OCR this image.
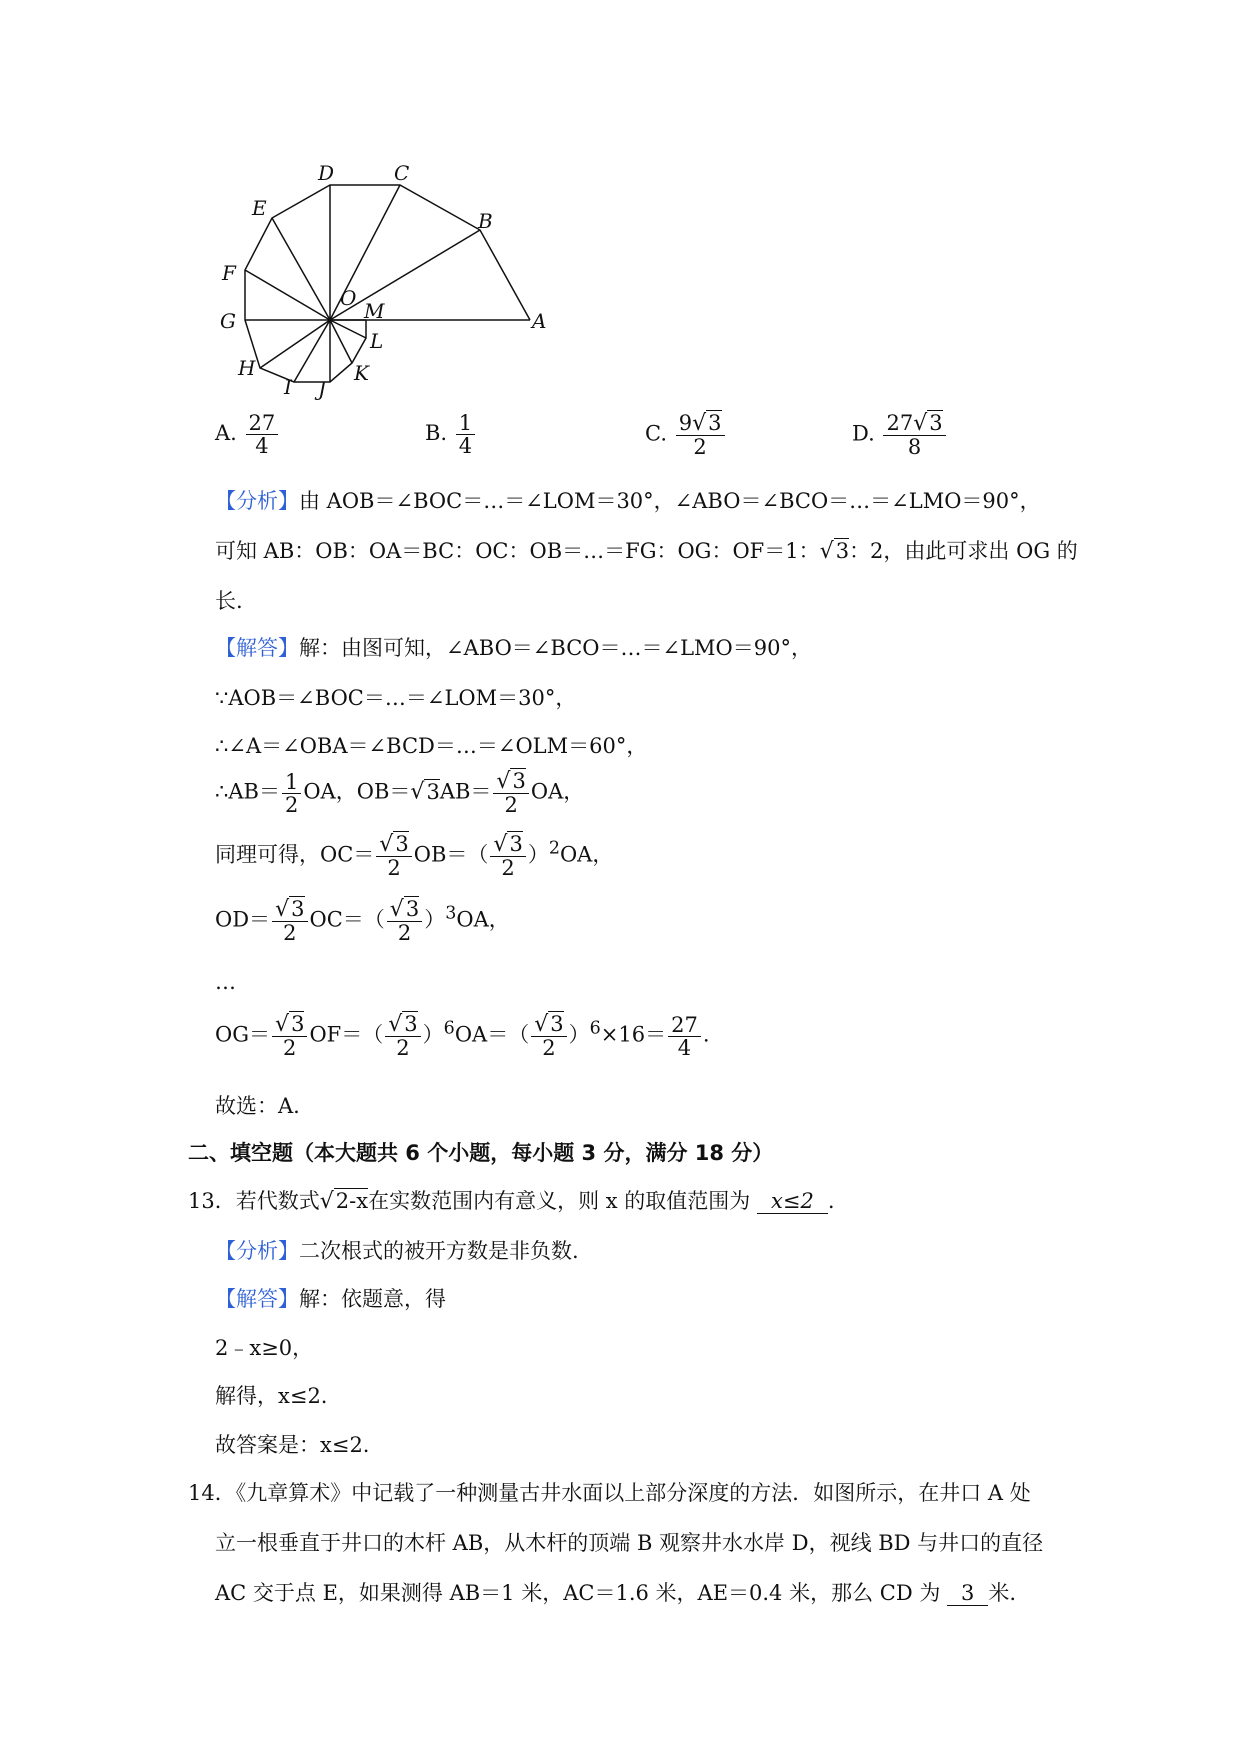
D	C
E
B
F
O
M
G	A
L
H	K
I J
A. $\frac{27}{4}$	B. $\frac{1}{4}$	C. $\frac{9√3}{2}$	D. $\frac{27√3}{8}$
【分析】由 AOB＝∠BOC＝…＝∠LOM＝30°，∠ABO＝∠BCO＝…＝∠LMO＝90°，
可知 AB：OB：OA＝BC：OC：OB＝…＝FG：OG：OF＝1：√3：2，由此可求出 OG 的
长.
【解答】解：由图可知，∠ABO＝∠BCO＝…＝∠LMO＝90°，
∵AOB＝∠BOC＝…＝∠LOM＝30°，
∴∠A＝∠OBA＝∠BCD＝…＝∠OLM＝60°，
∴AB＝ $\frac{1}{2}$ OA，$OB=√3AB= \frac{√3}{2}$ OA，
同理可得，$OC= \frac{√3}{2} OB=( \frac{√3}{2} )^2OA$，
$OD= \frac{√3}{2} OC=( \frac{√3}{2} )^3OA$，
…
$OG= \frac{√3}{2} OF=( \frac{√3}{2} )^6OA=( \frac{√3}{2} )^6\times 16= \frac{27}{4}$ .
故选：A.
二、填空题（本大题共 6 个小题，每小题 3 分，满分 18 分）
13．若代数式√2-x在实数范围内有意义，则 x 的取值范围为 x≤2 .
【分析】二次根式的被开方数是非负数.
【解答】解：依题意，得
2﹣x≥0，
解得，x≤2.
故答案是：x≤2.
14．《九章算术》中记载了一种测量古井水面以上部分深度的方法．如图所示，在井口 A 处
立一根垂直于井口的木杆 AB，从木杆的顶端 B 观察井水水岸 D，视线 BD 与井口的直径
AC 交于点 E，如果测得 AB＝1 米，AC＝1.6 米，AE＝0.4 米，那么 CD 为 3 米.
